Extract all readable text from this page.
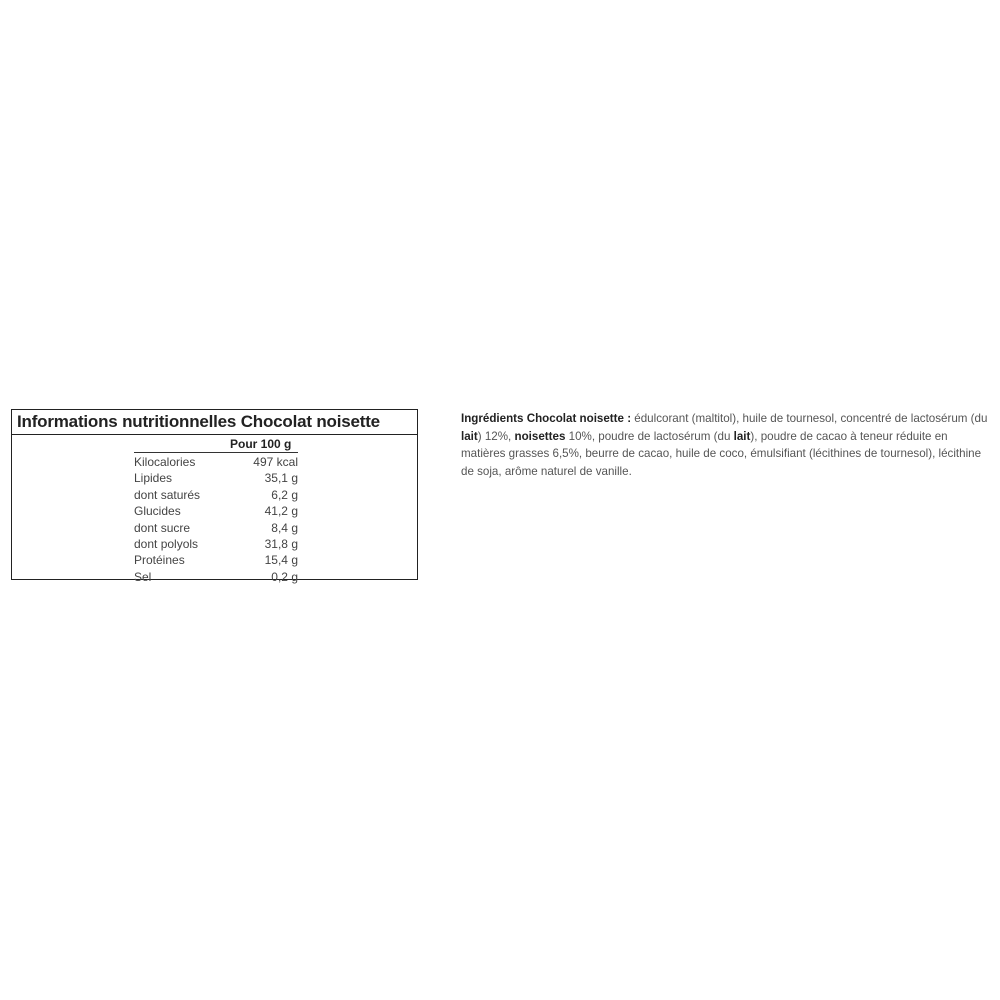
Informations nutritionnelles Chocolat noisette
Pour 100 g
Kilocalories	497 kcal
Lipides	35,1 g
dont saturés	6,2 g
Glucides	41,2 g
dont sucre	8,4 g
dont polyols	31,8 g
Protéines	15,4 g
Sel	0,2 g
Ingrédients Chocolat noisette : édulcorant (maltitol), huile de tournesol, concentré de lactosérum (du lait) 12%, noisettes 10%, poudre de lactosérum (du lait), poudre de cacao à teneur réduite en matières grasses 6,5%, beurre de cacao, huile de coco, émulsifiant (lécithines de tournesol), lécithine de soja, arôme naturel de vanille.
